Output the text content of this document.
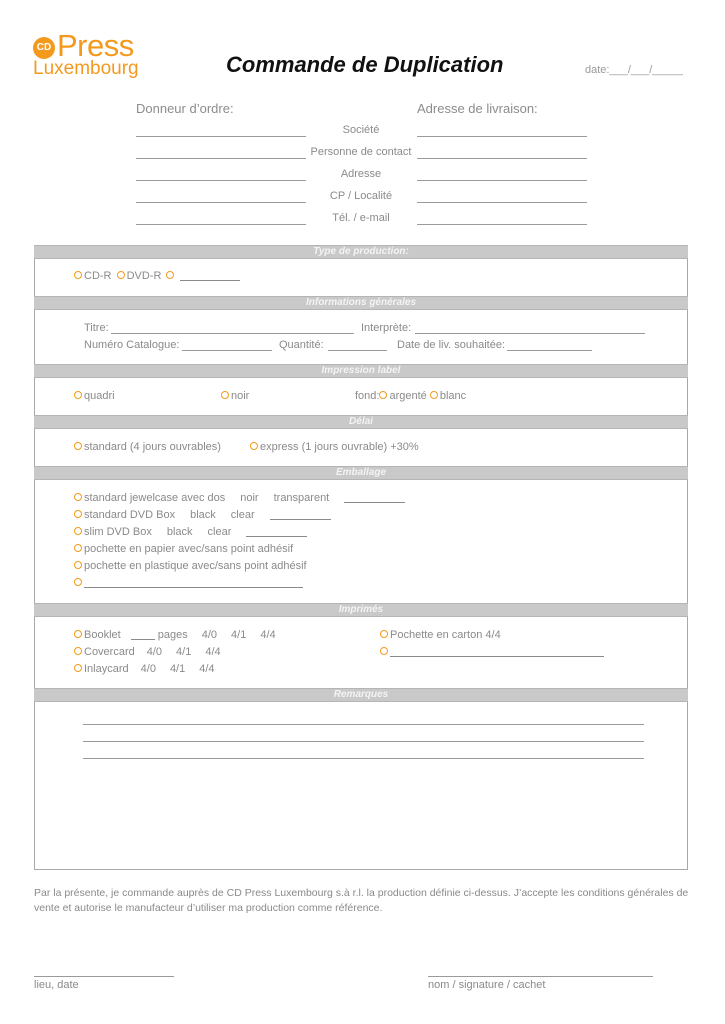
CD Press
Luxembourg	Commande de Duplication	date:___/___/_____
Donneur d’ordre:	Adresse de livraison:
Société
Personne de contact
Adresse
CP / Localité
Tél. / e-mail
Type de production:
Informations générales
Impression label
Délai
Emballage
Imprimés
Remarques
CD-R DVD-R
Titre:	Interprète:
Numéro Catalogue:	Quantité:	Date de liv. souhaitée:
quadri	noir	fond: argenté blanc
standard (4 jours ouvrables)	express (1 jours ouvrable) +30%
standard jewelcase avec dos noir transparent
standard DVD Box black clear
slim DVD Box black clear
pochette en papier avec/sans point adhésif
pochette en plastique avec/sans point adhésif
Booklet	pages 4/0 4/1 4/4
Covercard 4/0 4/1 4/4
Inlaycard 4/0 4/1 4/4
Pochette en carton 4/4
Par la présente, je commande auprès de CD Press Luxembourg s.à r.l. la production définie ci-dessus. J’accepte les conditions générales de vente et autorise le manufacteur d’utiliser ma production comme référence.
lieu, date	nom / signature / cachet
